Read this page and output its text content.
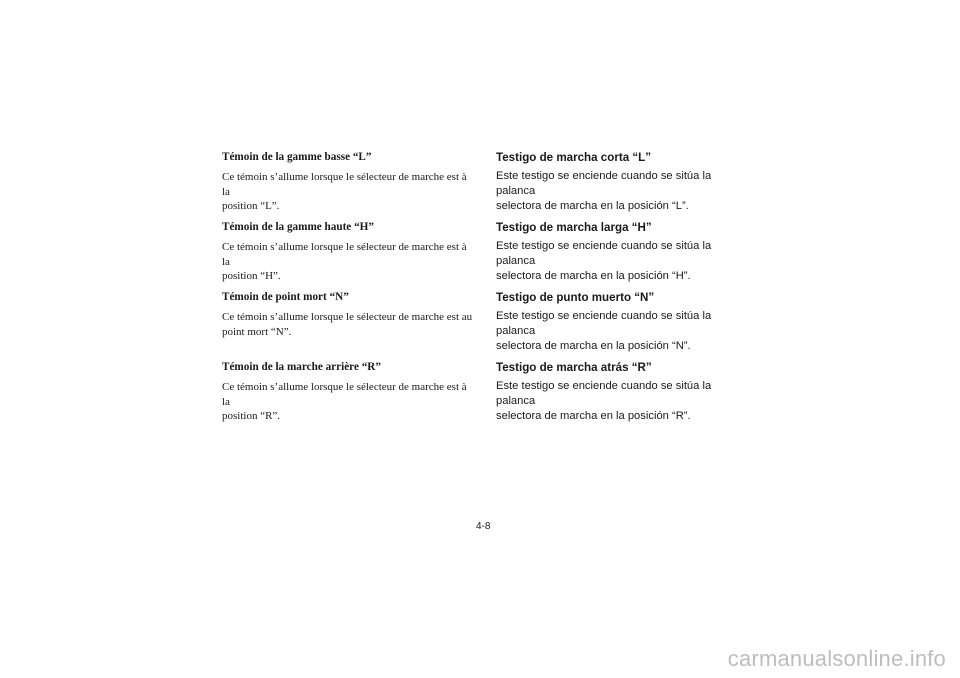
Témoin de la gamme basse “L”

Ce témoin s’allume lorsque le sélecteur de marche est à la
position “L”.

Témoin de la gamme haute “H”

Ce témoin s’allume lorsque le sélecteur de marche est à la
position “H”.

Témoin de point mort “N”

Ce témoin s’allume lorsque le sélecteur de marche est au
point mort “N”.

Témoin de la marche arrière “R”

Ce témoin s’allume lorsque le sélecteur de marche est à la
position “R”.

Testigo de marcha corta “L”

Este testigo se enciende cuando se sitúa la palanca
selectora de marcha en la posición “L”.

Testigo de marcha larga “H”

Este testigo se enciende cuando se sitúa la palanca
selectora de marcha en la posición “H”.

Testigo de punto muerto “N”

Este testigo se enciende cuando se sitúa la palanca
selectora de marcha en la posición “N”.

Testigo de marcha atrás “R”

Este testigo se enciende cuando se sitúa la palanca
selectora de marcha en la posición “R”.

4-8
carmanualsonline.info
